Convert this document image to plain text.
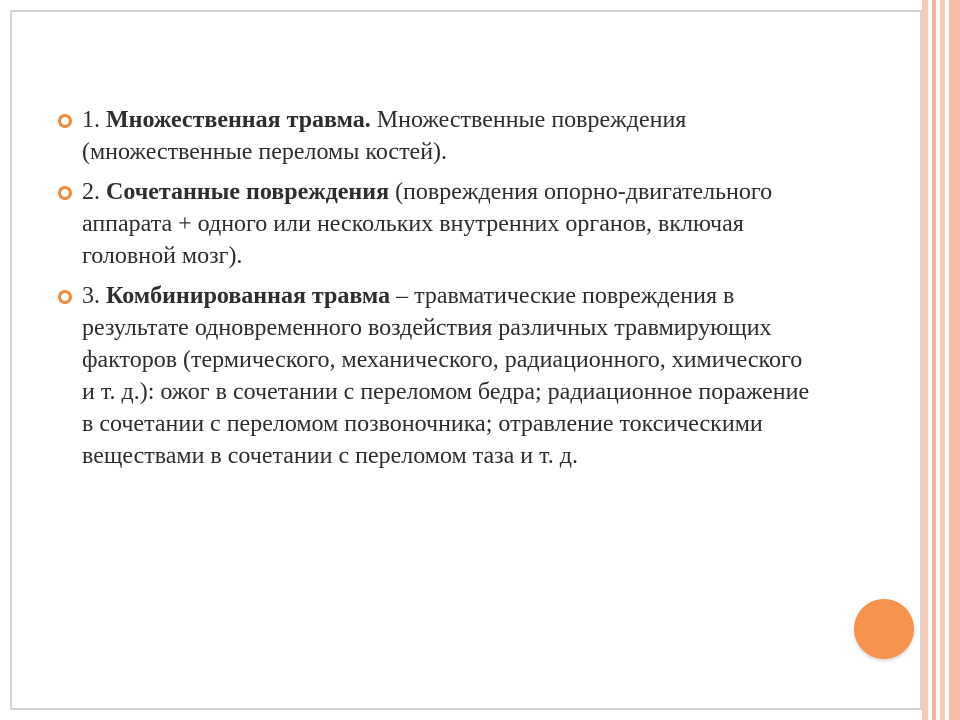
1. Множественная травма. Множественные повреждения (множественные переломы костей).
2. Сочетанные повреждения (повреждения опорно-двигательного аппарата + одного или нескольких внутренних органов, включая головной мозг).
3. Комбинированная травма – травматические повреждения в результате одновременного воздействия различных травмирующих факторов (термического, механического, радиационного, химического и т. д.): ожог в сочетании с переломом бедра; радиационное поражение в сочетании с переломом позвоночника; отравление токсическими веществами в сочетании с переломом таза и т. д.
